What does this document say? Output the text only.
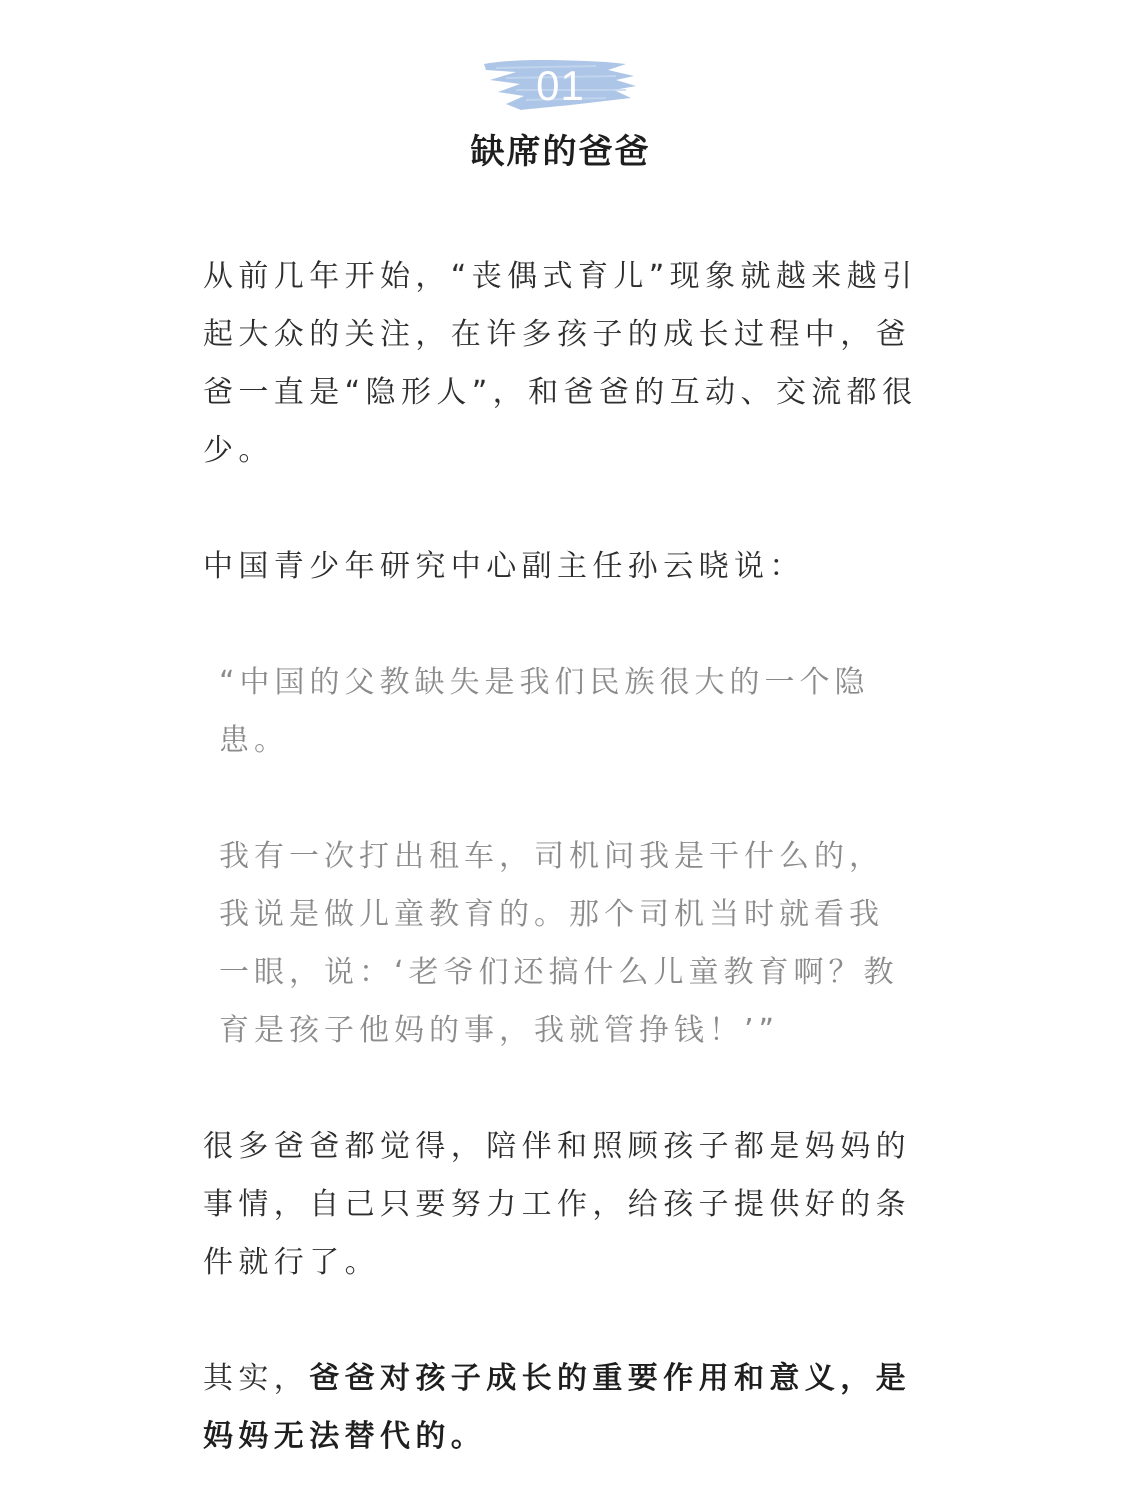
01
缺席的爸爸

从前几年开始，“丧偶式育儿”现象就越来越引起大众的关注，在许多孩子的成长过程中，爸爸一直是“隐形人”，和爸爸的互动、交流都很少。

中国青少年研究中心副主任孙云晓说：

“中国的父教缺失是我们民族很大的一个隐患。

我有一次打出租车，司机问我是干什么的，我说是做儿童教育的。那个司机当时就看我一眼，说：‘老爷们还搞什么儿童教育啊？教育是孩子他妈的事，我就管挣钱！’”

很多爸爸都觉得，陪伴和照顾孩子都是妈妈的事情，自己只要努力工作，给孩子提供好的条件就行了。

其实，爸爸对孩子成长的重要作用和意义，是妈妈无法替代的。
